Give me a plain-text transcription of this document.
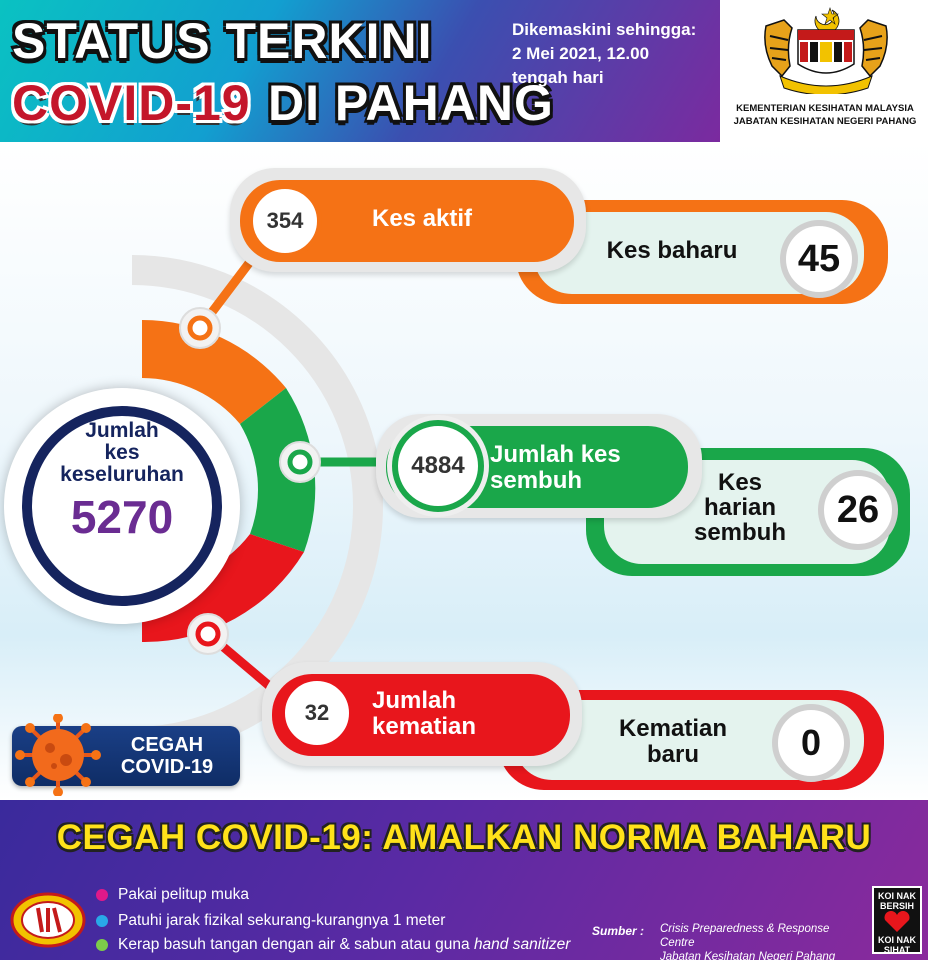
STATUS TERKINI
COVID-19 DI PAHANG
Dikemaskini sehingga:
2 Mei 2021, 12.00
tengah hari
KEMENTERIAN KESIHATAN MALAYSIA
JABATAN KESIHATAN NEGERI PAHANG
Jumlah
kes
keseluruhan
5270
Kes baharu	45
354	Kes aktif
Kes
harian
sembuh
26
4884	Jumlah kes
sembuh
Kematian
baru	0
32	Jumlah
kematian
CEGAH
COVID-19
CEGAH COVID-19: AMALKAN NORMA BAHARU
Pakai pelitup muka
Patuhi jarak fizikal sekurang-kurangnya 1 meter
Kerap basuh tangan dengan air & sabun atau guna hand sanitizer
Sumber : Crisis Preparedness & Response Centre
Jabatan Kesihatan Negeri Pahang
KOI NAK BERSIH
KOI NAK SIHAT
